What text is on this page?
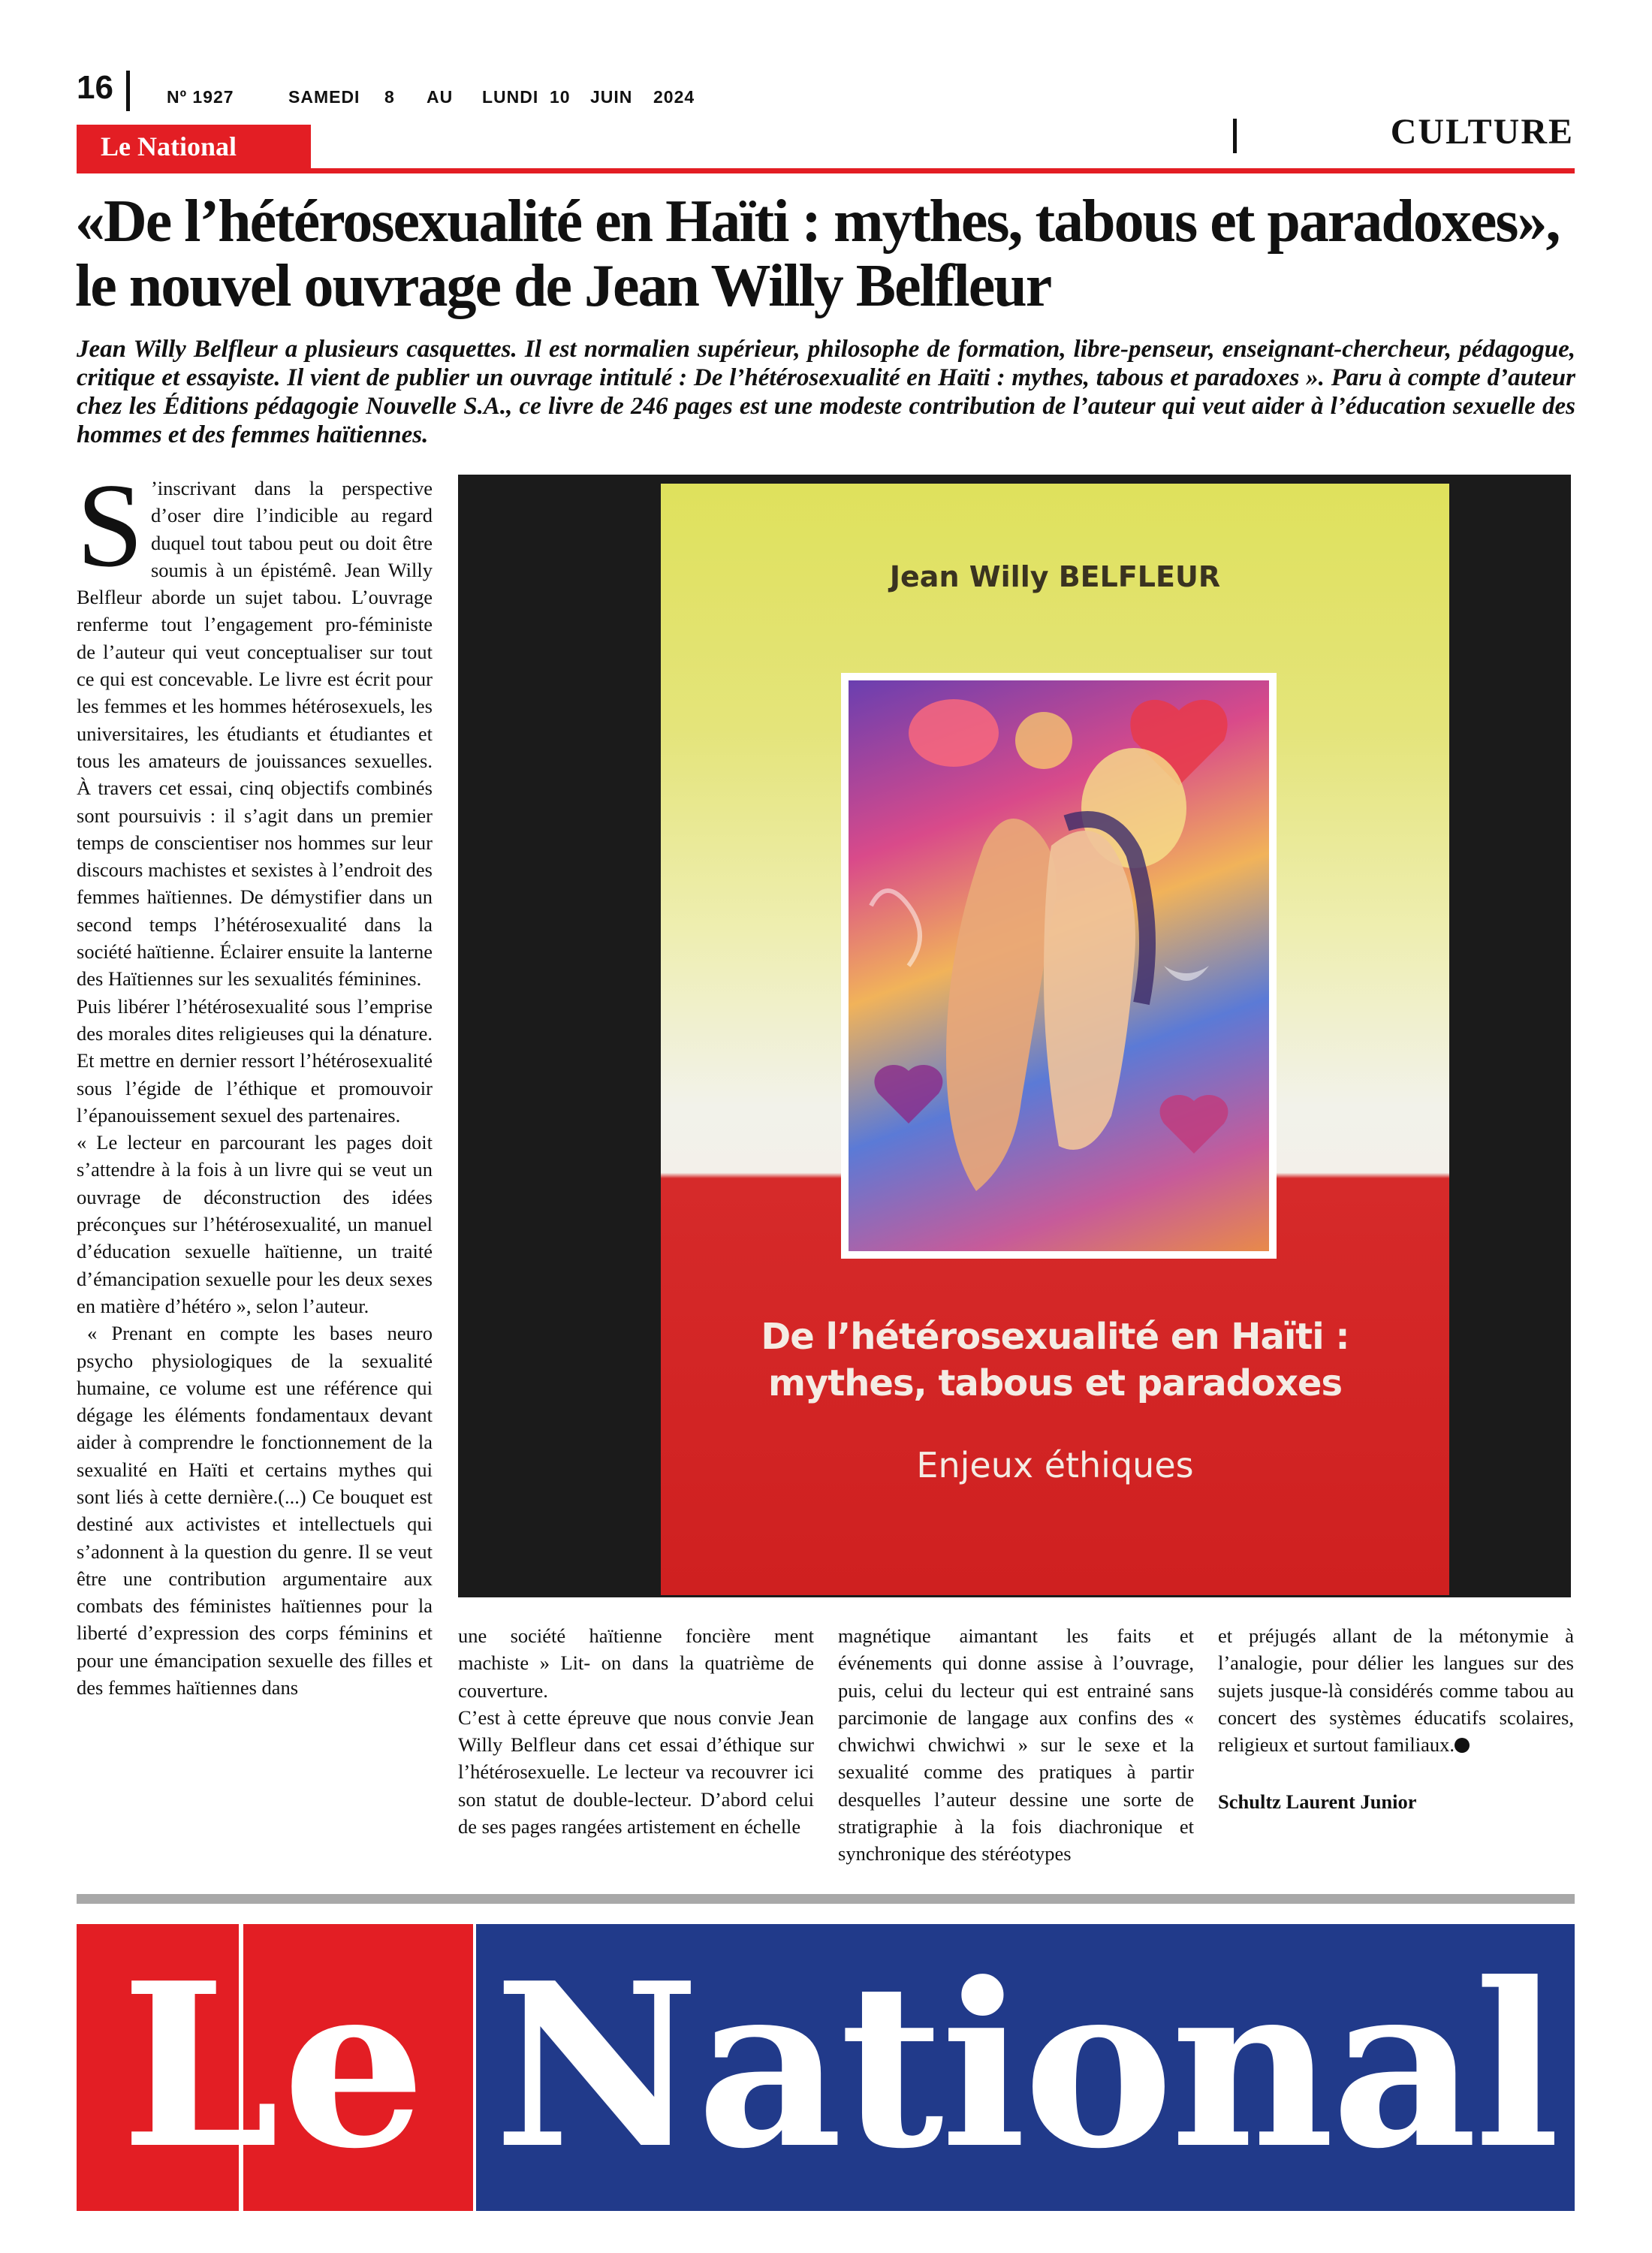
16	Nº 1927	SAMEDI 8 AU LUNDI 10 JUIN 2024
CULTURE
Le National
«De l’hétérosexualité en Haïti : mythes, tabous et paradoxes», le nouvel ouvrage de Jean Willy Belfleur

Jean Willy Belfleur a plusieurs casquettes. Il est normalien supérieur, philosophe de formation, libre-penseur, enseignant-chercheur, pédagogue, critique et essayiste. Il vient de publier un ouvrage intitulé : De l’hétérosexualité en Haïti : mythes, tabous et paradoxes ». Paru à compte d’auteur chez les Éditions pédagogie Nouvelle S.A., ce livre de 246 pages est une modeste contribution de l’auteur qui veut aider à l’éducation sexuelle des hommes et des femmes haïtiennes.

S ’inscrivant dans la perspective d’oser dire l’indicible au regard duquel tout tabou peut ou doit être soumis à un épistémê. Jean Willy Belfleur aborde un sujet tabou. L’ouvrage renferme tout l’engagement pro-féministe de l’auteur qui veut conceptualiser sur tout ce qui est concevable. Le livre est écrit pour les femmes et les hommes hétérosexuels, les universitaires, les étudiants et étudiantes et tous les amateurs de jouissances sexuelles. À travers cet essai, cinq objectifs combinés sont poursuivis : il s’agit dans un premier temps de conscientiser nos hommes sur leur discours machistes et sexistes à l’endroit des femmes haïtiennes. De démystifier dans un second temps l’hétérosexualité dans la société haïtienne. Éclairer ensuite la lanterne des Haïtiennes sur les sexualités féminines.

Puis libérer l’hétérosexualité sous l’emprise des morales dites religieuses qui la dénature. Et mettre en dernier ressort l’hétérosexualité sous l’égide de l’éthique et promouvoir l’épanouissement sexuel des partenaires.

« Le lecteur en parcourant les pages doit s’attendre à la fois à un livre qui se veut un ouvrage de déconstruction des idées préconçues sur l’hétérosexualité, un manuel d’éducation sexuelle haïtienne, un traité d’émancipation sexuelle pour les deux sexes en matière d’hétéro », selon l’auteur.

« Prenant en compte les bases neuro psycho physiologiques de la sexualité humaine, ce volume est une référence qui dégage les éléments fondamentaux devant aider à comprendre le fonctionnement de la sexualité en Haïti et certains mythes qui sont liés à cette dernière.(...) Ce bouquet est destiné aux activistes et intellectuels qui s’adonnent à la question du genre. Il se veut être une contribution argumentaire aux combats des féministes haïtiennes pour la liberté d’expression des corps féminins et pour une émancipation sexuelle des filles et des femmes haïtiennes dans

Jean Willy BELFLEUR
De l’hétérosexualité en Haïti :
mythes, tabous et paradoxes
Enjeux éthiques

une société haïtienne foncière ment machiste » Lit- on dans la quatrième de couverture.

C’est à cette épreuve que nous convie Jean Willy Belfleur dans cet essai d’éthique sur l’hétérosexuelle. Le lecteur va recouvrer ici son statut de double-lecteur. D’abord celui de ses pages rangées artistement en échelle

magnétique aimantant les faits et événements qui donne assise à l’ouvrage, puis, celui du lecteur qui est entrainé sans parcimonie de langage aux confins des « chwichwi chwichwi » sur le sexe et la sexualité comme des pratiques à partir desquelles l’auteur dessine une sorte de stratigraphie à la fois diachronique et synchronique des stéréotypes

et préjugés allant de la métonymie à l’analogie, pour délier les langues sur des sujets jusque-là considérés comme tabou au concert des systèmes éducatifs scolaires, religieux et surtout familiaux.

Schultz Laurent Junior

Le National
